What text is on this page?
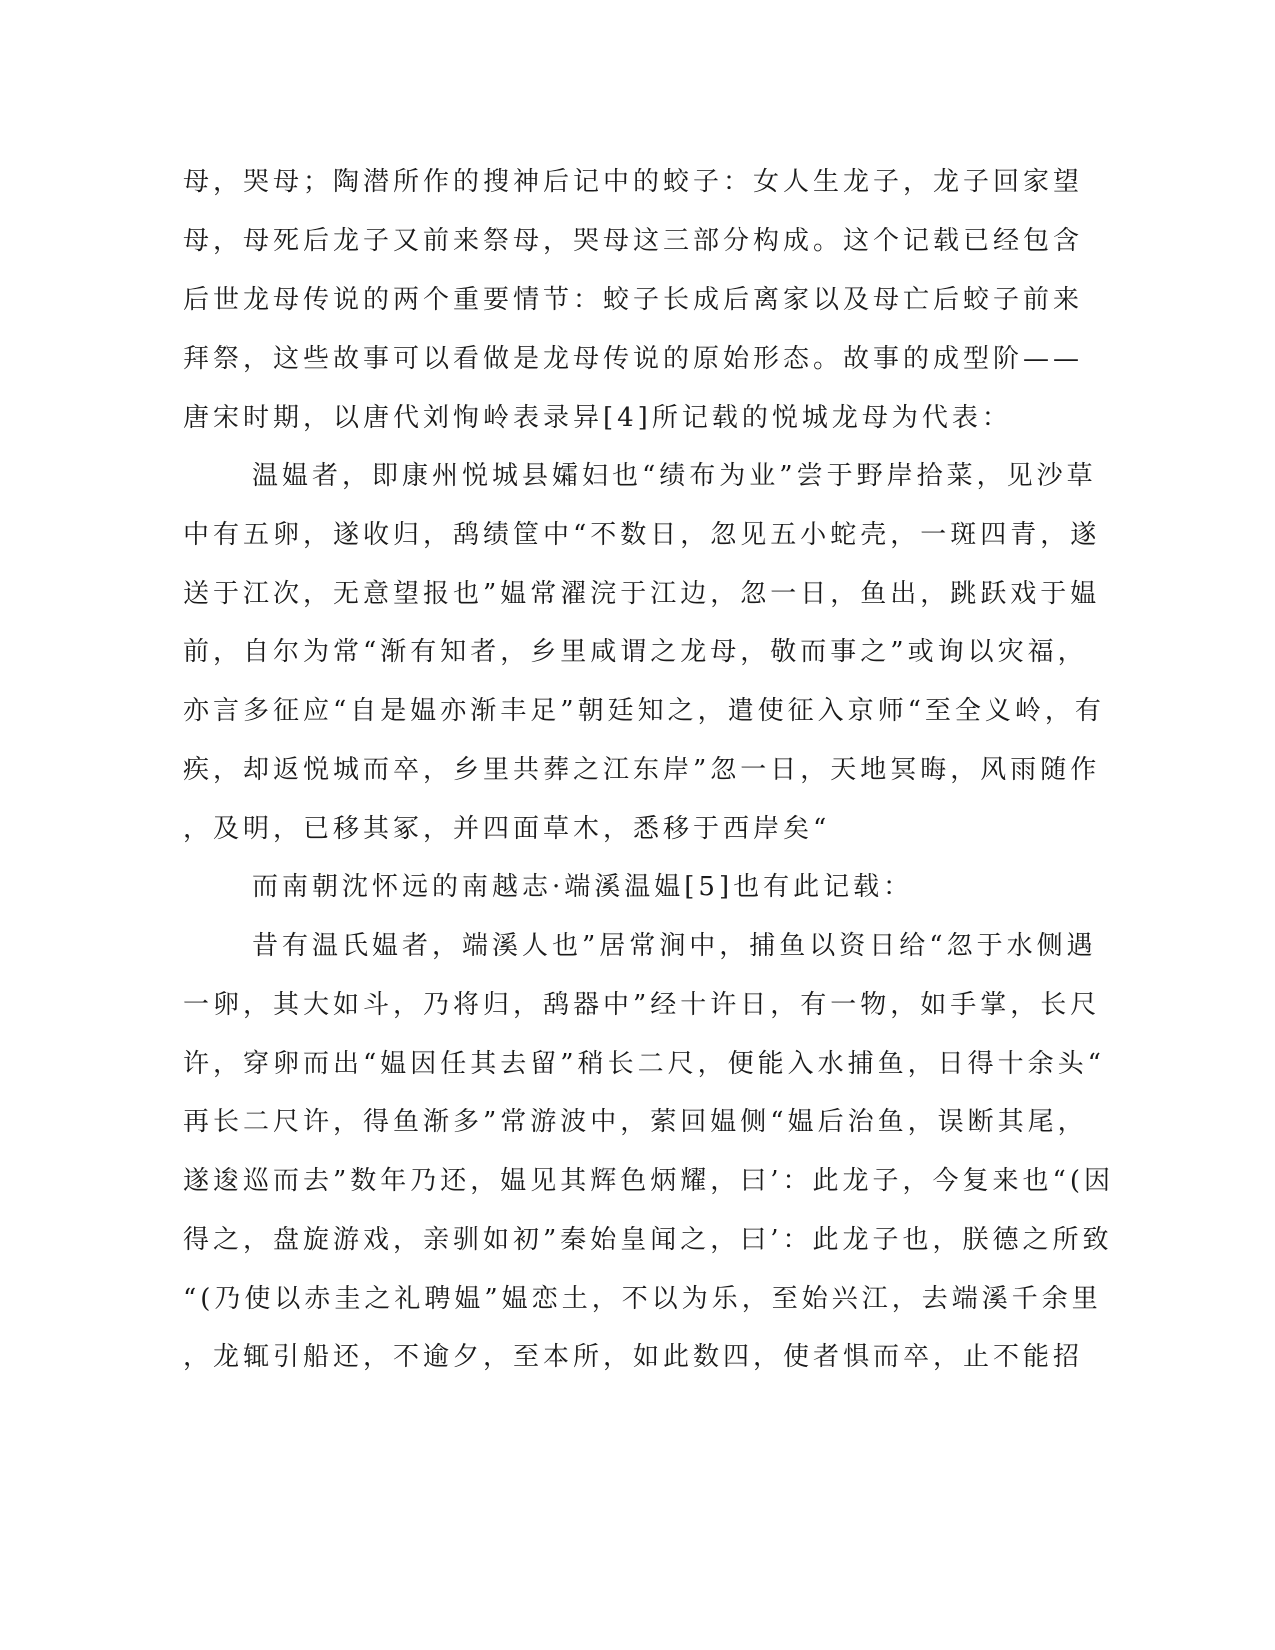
母，哭母；陶潜所作的搜神后记中的蛟子：女人生龙子，龙子回家望
母，母死后龙子又前来祭母，哭母这三部分构成。这个记载已经包含
后世龙母传说的两个重要情节：蛟子长成后离家以及母亡后蛟子前来
拜祭，这些故事可以看做是龙母传说的原始形态。故事的成型阶——
唐宋时期，以唐代刘恂岭表录异[4]所记载的悦城龙母为代表：
温媪者，即康州悦城县孀妇也“绩布为业”尝于野岸拾菜，见沙草
中有五卵，遂收归，鸹绩筐中“不数日，忽见五小蛇壳，一斑四青，遂
送于江次，无意望报也”媪常濯浣于江边，忽一日，鱼出，跳跃戏于媪
前，自尔为常“渐有知者，乡里咸谓之龙母，敬而事之”或询以灾福，
亦言多征应“自是媪亦渐丰足”朝廷知之，遣使征入京师“至全义岭，有
疾，却返悦城而卒，乡里共葬之江东岸”忽一日，天地冥晦，风雨随作
，及明，已移其冢，并四面草木，悉移于西岸矣“
而南朝沈怀远的南越志·端溪温媪[5]也有此记载：
昔有温氏媪者，端溪人也”居常涧中，捕鱼以资日给“忽于水侧遇
一卵，其大如斗，乃将归，鸹器中”经十许日，有一物，如手掌，长尺
许，穿卵而出“媪因任其去留”稍长二尺，便能入水捕鱼，日得十余头“
再长二尺许，得鱼渐多”常游波中，萦回媪侧“媪后治鱼，误断其尾，
遂逡巡而去”数年乃还，媪见其辉色炳耀，曰’：此龙子，今复来也“(因
得之，盘旋游戏，亲驯如初”秦始皇闻之，曰’：此龙子也，朕德之所致
“(乃使以赤圭之礼聘媪”媪恋土，不以为乐，至始兴江，去端溪千余里
，龙辄引船还，不逾夕，至本所，如此数四，使者惧而卒，止不能招
